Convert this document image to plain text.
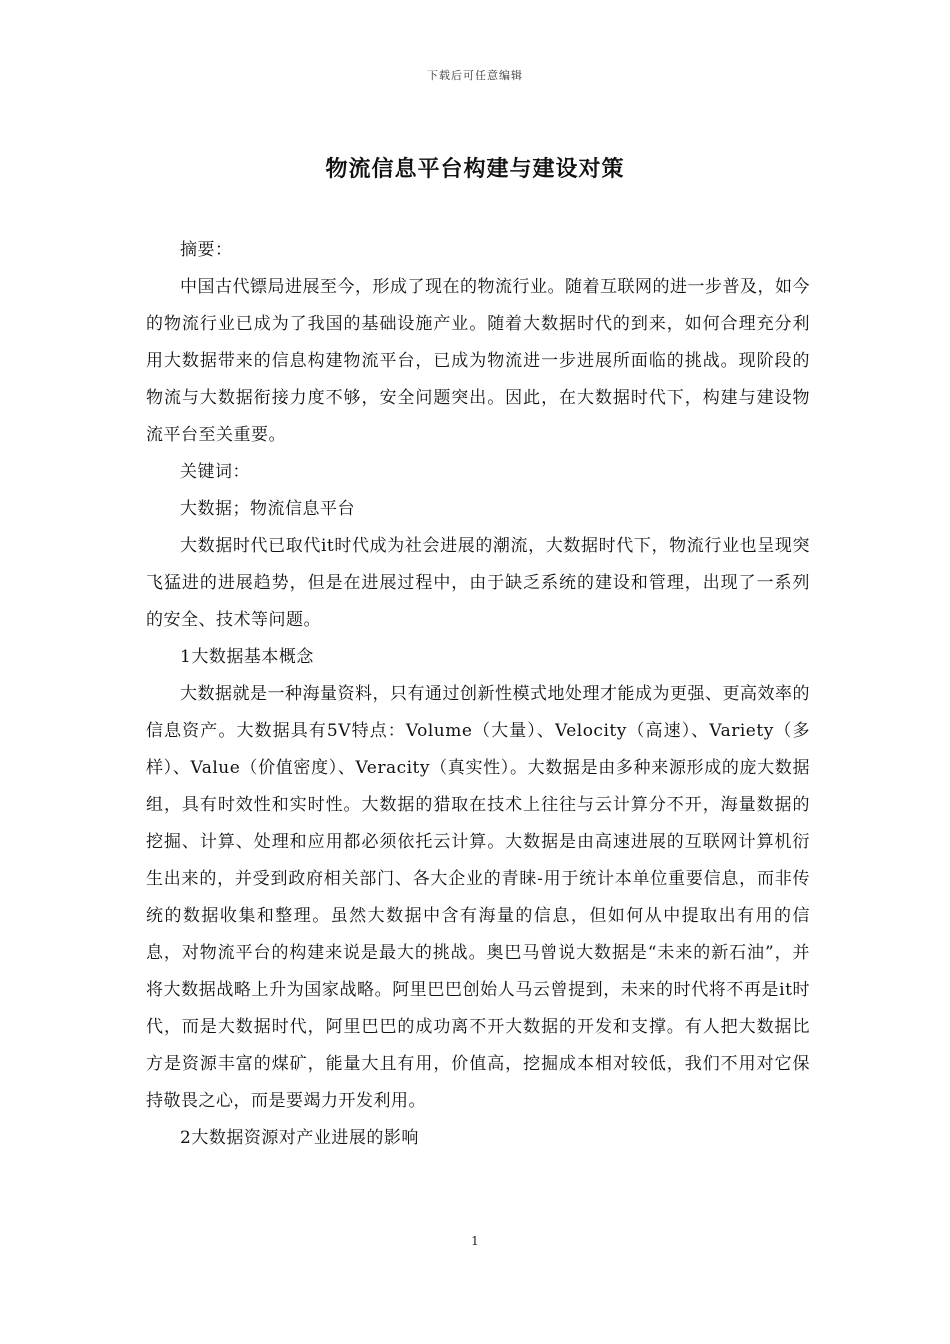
下载后可任意编辑
物流信息平台构建与建设对策

摘要：

中国古代镖局进展至今，形成了现在的物流行业。随着互联网的进一步普及，如今的物流行业已成为了我国的基础设施产业。随着大数据时代的到来，如何合理充分利用大数据带来的信息构建物流平台，已成为物流进一步进展所面临的挑战。现阶段的物流与大数据衔接力度不够，安全问题突出。因此，在大数据时代下，构建与建设物流平台至关重要。

关键词：

大数据；物流信息平台

大数据时代已取代it时代成为社会进展的潮流，大数据时代下，物流行业也呈现突飞猛进的进展趋势，但是在进展过程中，由于缺乏系统的建设和管理，出现了一系列的安全、技术等问题。

1大数据基本概念

大数据就是一种海量资料，只有通过创新性模式地处理才能成为更强、更高效率的信息资产。大数据具有5V特点：Volume（大量）、Velocity（高速）、Variety（多样）、Value（价值密度）、Veracity（真实性）。大数据是由多种来源形成的庞大数据组，具有时效性和实时性。大数据的猎取在技术上往往与云计算分不开，海量数据的挖掘、计算、处理和应用都必须依托云计算。大数据是由高速进展的互联网计算机衍生出来的，并受到政府相关部门、各大企业的青睐-用于统计本单位重要信息，而非传统的数据收集和整理。虽然大数据中含有海量的信息，但如何从中提取出有用的信息，对物流平台的构建来说是最大的挑战。奥巴马曾说大数据是“未来的新石油”，并将大数据战略上升为国家战略。阿里巴巴创始人马云曾提到，未来的时代将不再是it时代，而是大数据时代，阿里巴巴的成功离不开大数据的开发和支撑。有人把大数据比方是资源丰富的煤矿，能量大且有用，价值高，挖掘成本相对较低，我们不用对它保持敬畏之心，而是要竭力开发利用。

2大数据资源对产业进展的影响

1
